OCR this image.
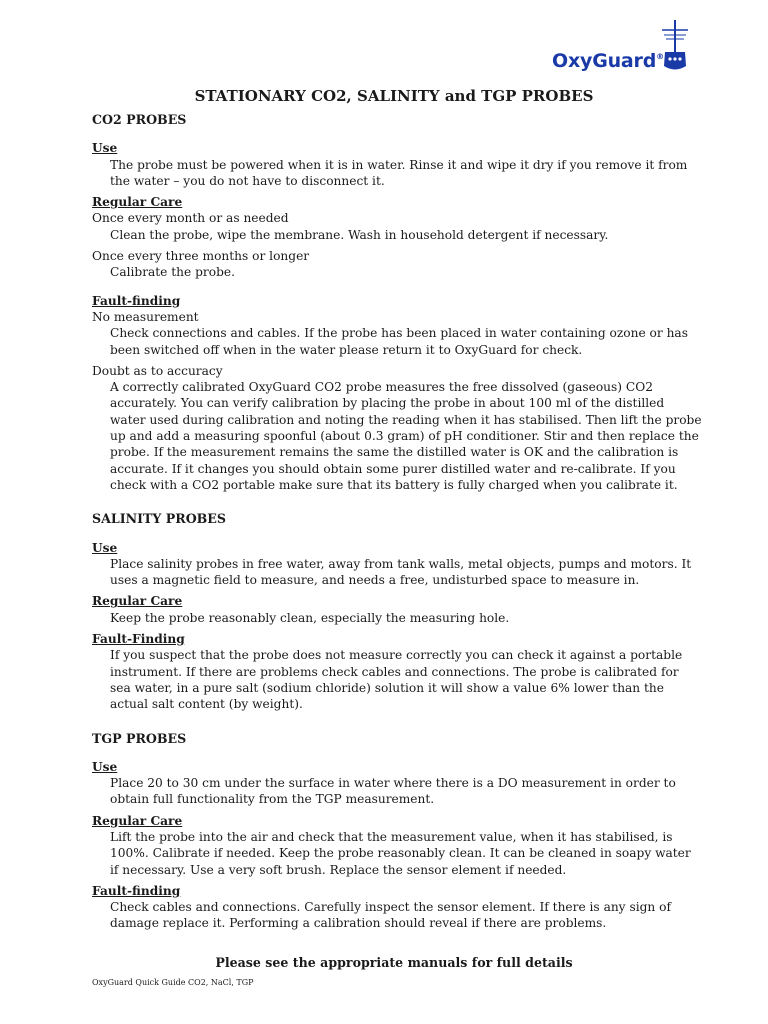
OxyGuard®
STATIONARY CO2, SALINITY and TGP PROBES
CO2 PROBES
Use
The probe must be powered when it is in water. Rinse it and wipe it dry if you remove it from the water – you do not have to disconnect it.
Regular Care
Once every month or as needed
Clean the probe, wipe the membrane. Wash in household detergent if necessary.
Once every three months or longer
Calibrate the probe.
Fault-finding
No measurement
Check connections and cables. If the probe has been placed in water containing ozone or has been switched off when in the water please return it to OxyGuard for check.
Doubt as to accuracy
A correctly calibrated OxyGuard CO2 probe measures the free dissolved (gaseous) CO2 accurately. You can verify calibration by placing the probe in about 100 ml of the distilled water used during calibration and noting the reading when it has stabilised. Then lift the probe up and add a measuring spoonful (about 0.3 gram) of pH conditioner. Stir and then replace the probe. If the measurement remains the same the distilled water is OK and the calibration is accurate. If it changes you should obtain some purer distilled water and re-calibrate. If you check with a CO2 portable make sure that its battery is fully charged when you calibrate it.
SALINITY PROBES
Use
Place salinity probes in free water, away from tank walls, metal objects, pumps and motors. It uses a magnetic field to measure, and needs a free, undisturbed space to measure in.
Regular Care
Keep the probe reasonably clean, especially the measuring hole.
Fault-Finding
If you suspect that the probe does not measure correctly you can check it against a portable instrument. If there are problems check cables and connections. The probe is calibrated for sea water, in a pure salt (sodium chloride) solution it will show a value 6% lower than the actual salt content (by weight).
TGP PROBES
Use
Place 20 to 30 cm under the surface in water where there is a DO measurement in order to obtain full functionality from the TGP measurement.
Regular Care
Lift the probe into the air and check that the measurement value, when it has stabilised, is 100%. Calibrate if needed. Keep the probe reasonably clean. It can be cleaned in soapy water if necessary. Use a very soft brush. Replace the sensor element if needed.
Fault-finding
Check cables and connections. Carefully inspect the sensor element. If there is any sign of damage replace it. Performing a calibration should reveal if there are problems.
Please see the appropriate manuals for full details
OxyGuard Quick Guide CO2, NaCl, TGP
